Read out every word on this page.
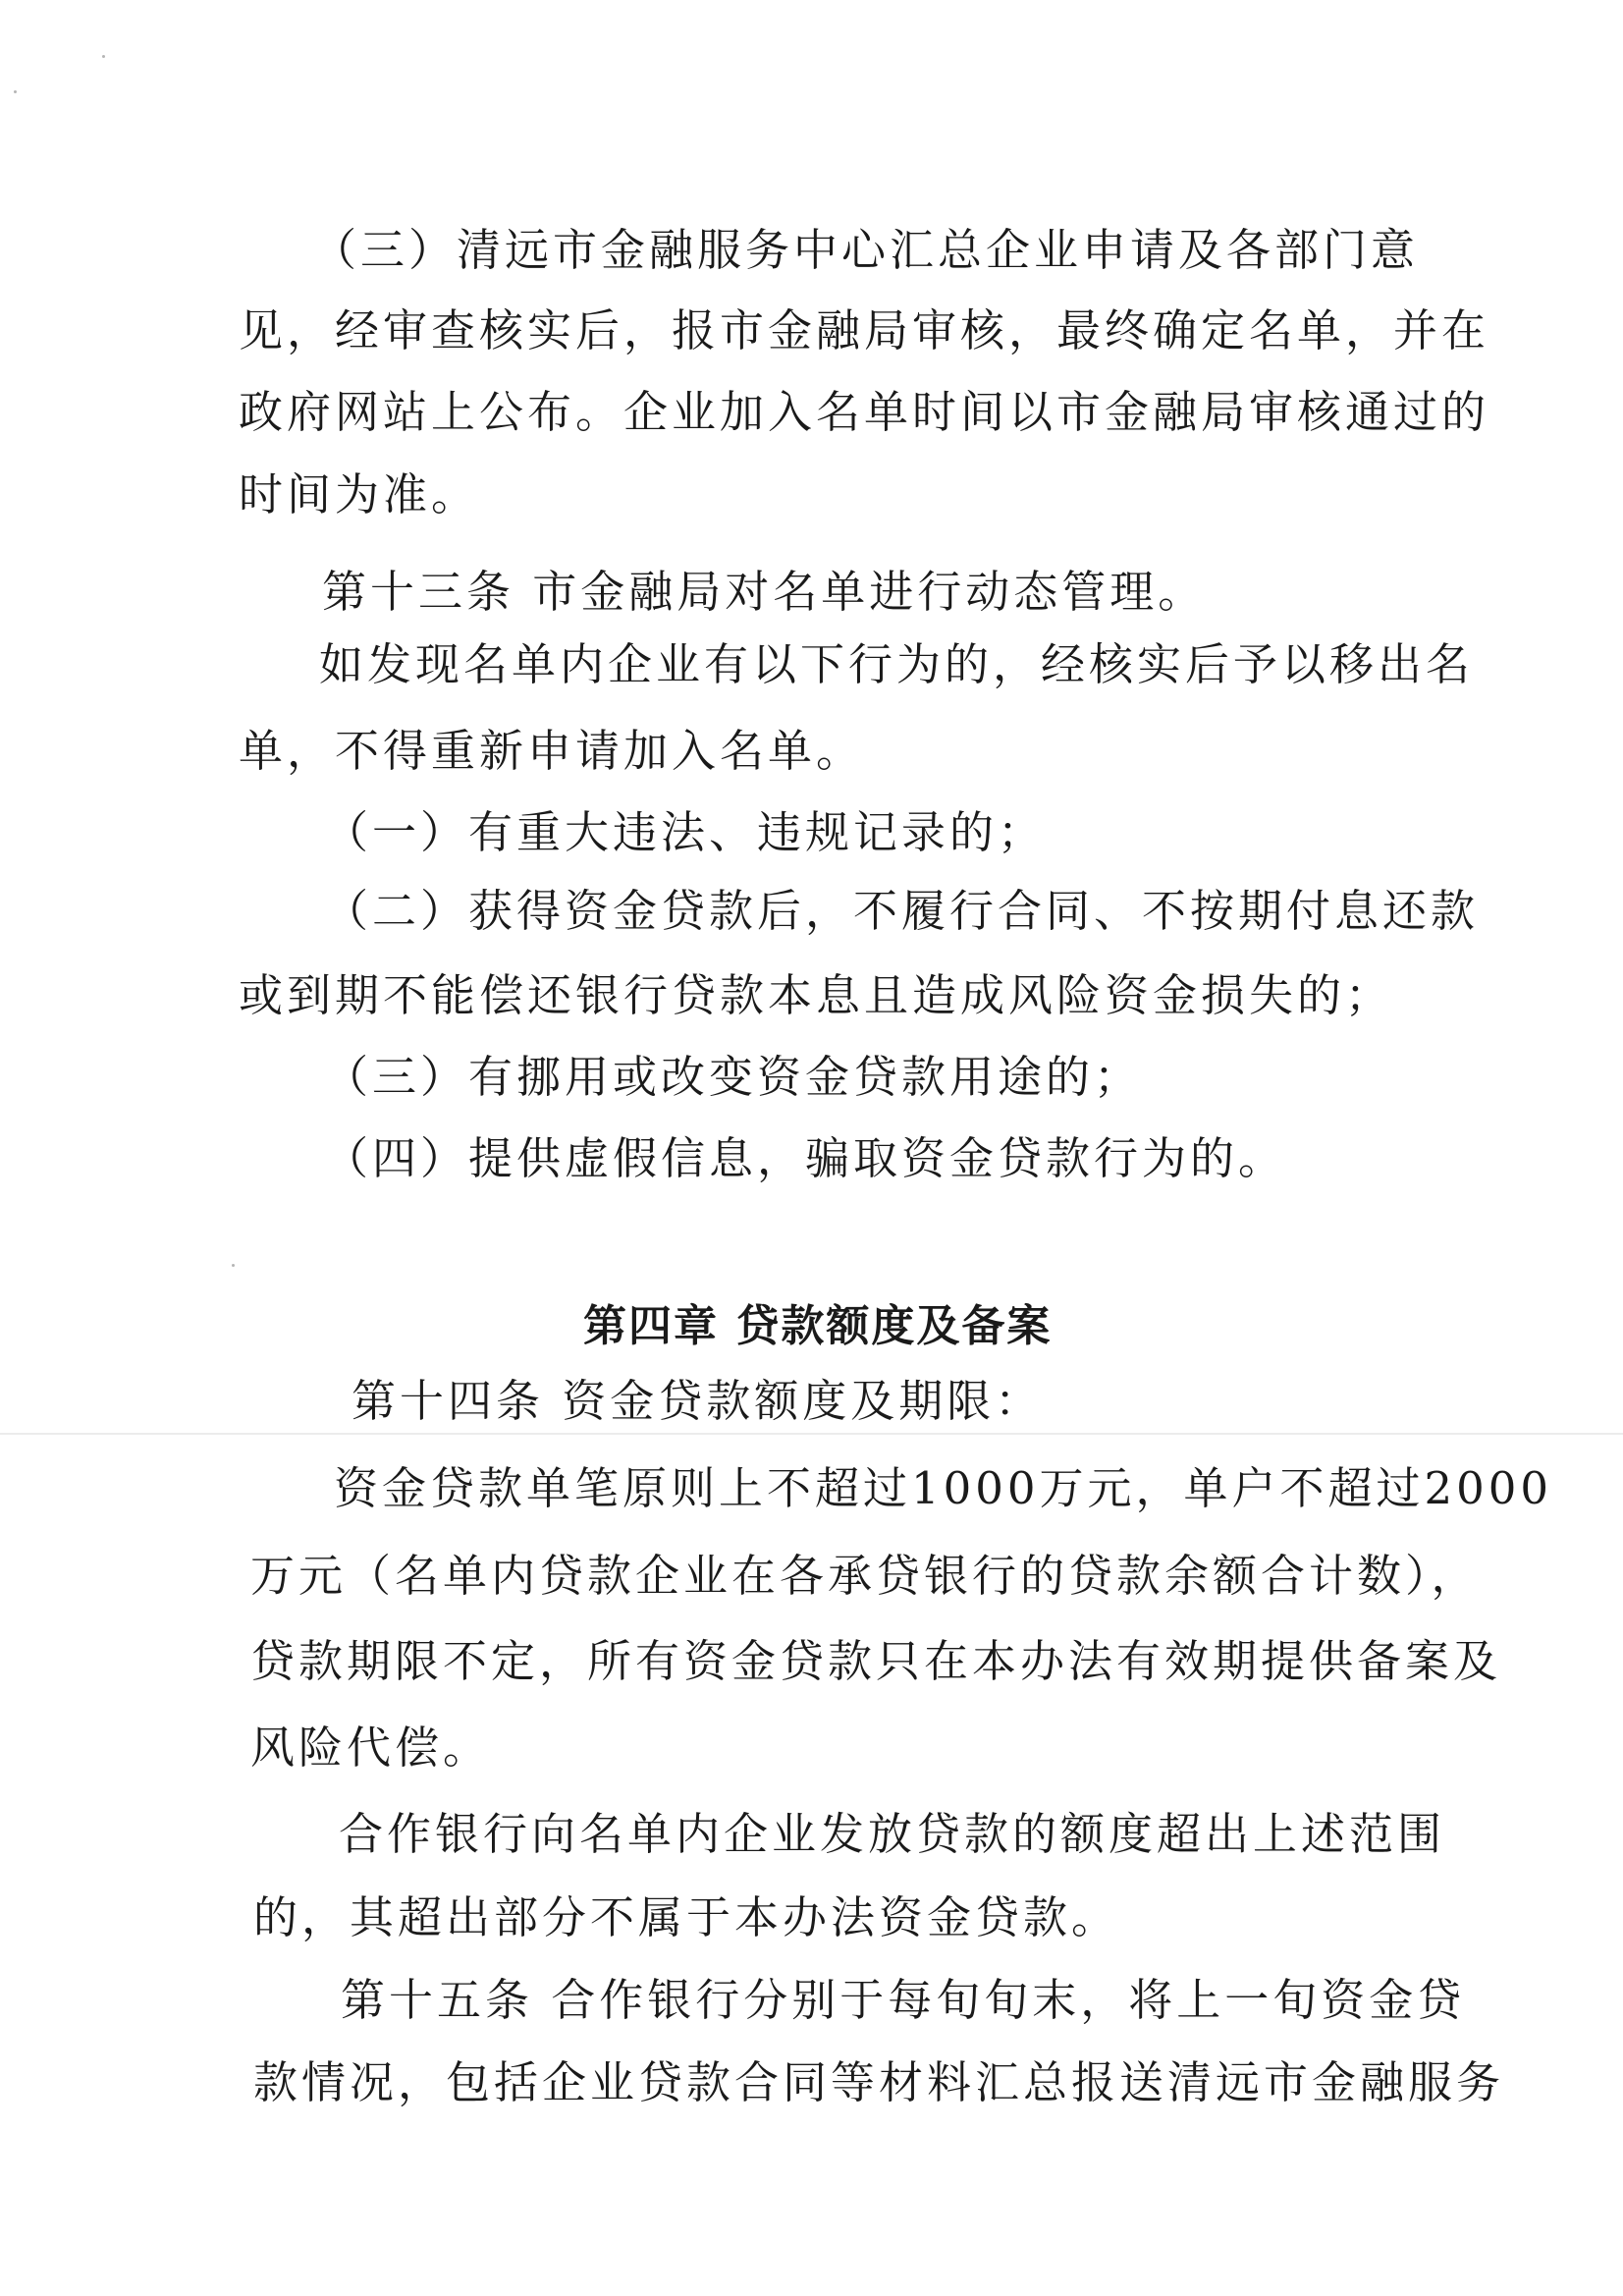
（三）清远市金融服务中心汇总企业申请及各部门意
见，经审查核实后，报市金融局审核，最终确定名单，并在
政府网站上公布。企业加入名单时间以市金融局审核通过的
时间为准。
第十三条 市金融局对名单进行动态管理。
如发现名单内企业有以下行为的，经核实后予以移出名
单，不得重新申请加入名单。
（一）有重大违法、违规记录的；
（二）获得资金贷款后，不履行合同、不按期付息还款
或到期不能偿还银行贷款本息且造成风险资金损失的；
（三）有挪用或改变资金贷款用途的；
（四）提供虚假信息，骗取资金贷款行为的。
第四章 贷款额度及备案
第十四条 资金贷款额度及期限：
资金贷款单笔原则上不超过1000万元，单户不超过2000
万元（名单内贷款企业在各承贷银行的贷款余额合计数），
贷款期限不定，所有资金贷款只在本办法有效期提供备案及
风险代偿。
合作银行向名单内企业发放贷款的额度超出上述范围
的，其超出部分不属于本办法资金贷款。
第十五条 合作银行分别于每旬旬末，将上一旬资金贷
款情况，包括企业贷款合同等材料汇总报送清远市金融服务
